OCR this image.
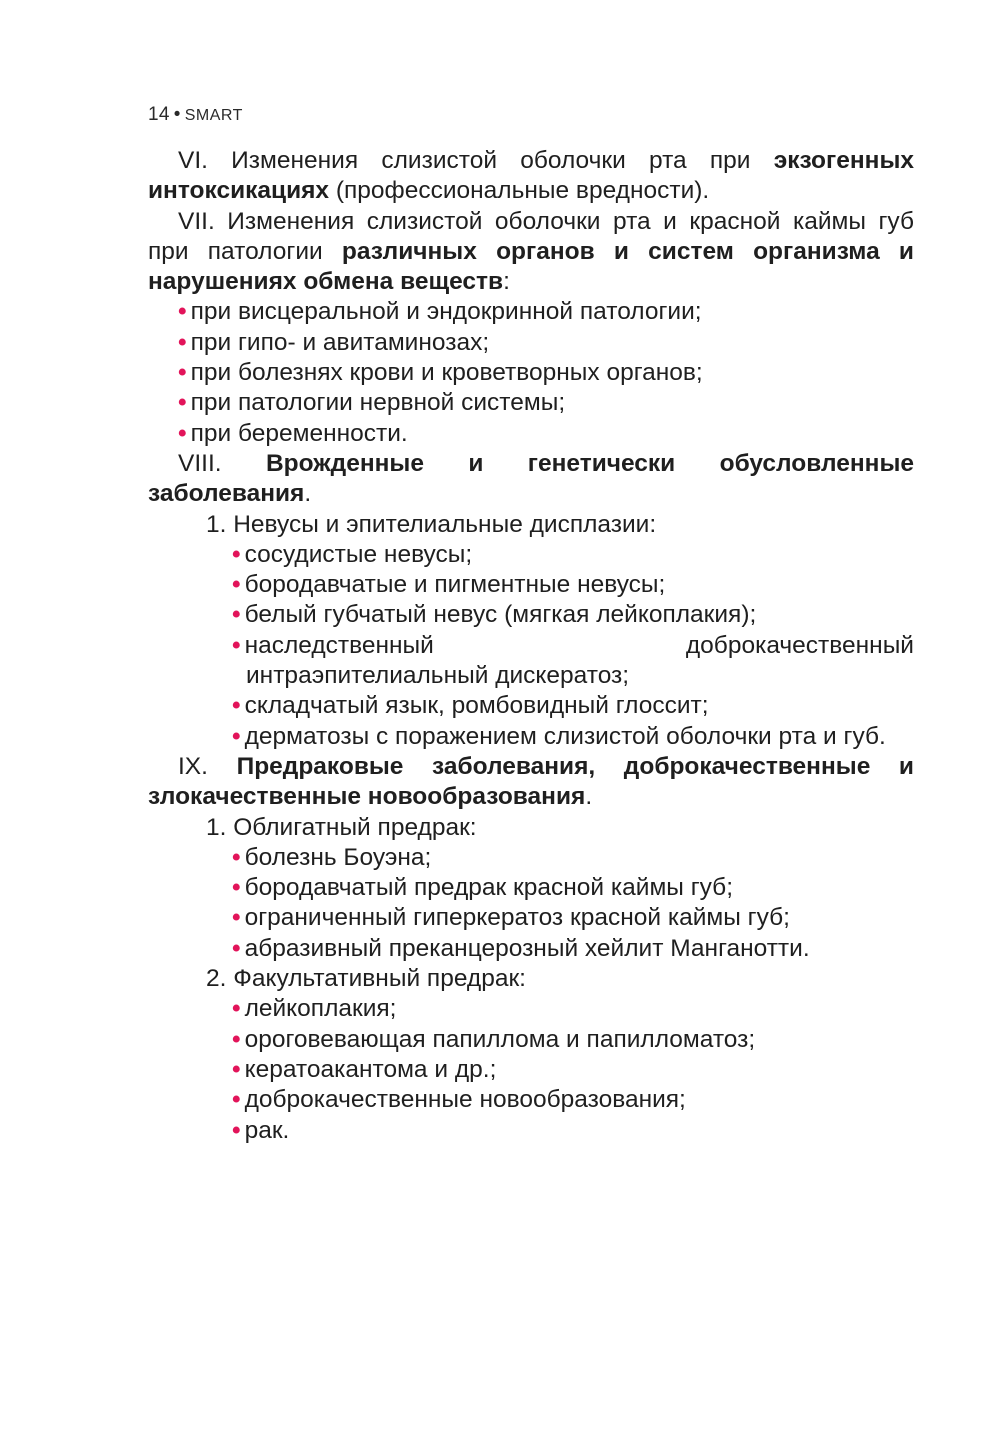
14 • SMART

VI. Изменения слизистой оболочки рта при экзогенных интоксикациях (профессиональные вредности).

VII. Изменения слизистой оболочки рта и красной каймы губ при патологии различных органов и систем организма и нарушениях обмена веществ:

• при висцеральной и эндокринной патологии;

• при гипо- и авитаминозах;

• при болезнях крови и кроветворных органов;

• при патологии нервной системы;

• при беременности.

VIII. Врожденные и генетически обусловленные заболевания.

1. Невусы и эпителиальные дисплазии:

• сосудистые невусы;

• бородавчатые и пигментные невусы;

• белый губчатый невус (мягкая лейкоплакия);

• наследственный доброкачественный интраэпителиальный дискератоз;

• складчатый язык, ромбовидный глоссит;

• дерматозы с поражением слизистой оболочки рта и губ.

IX. Предраковые заболевания, доброкачественные и злокачественные новообразования.

1. Облигатный предрак:

• болезнь Боуэна;

• бородавчатый предрак красной каймы губ;

• ограниченный гиперкератоз красной каймы губ;

• абразивный преканцерозный хейлит Манганотти.

2. Факультативный предрак:

• лейкоплакия;

• ороговевающая папиллома и папилломатоз;

• кератоакантома и др.;

• доброкачественные новообразования;

• рак.
